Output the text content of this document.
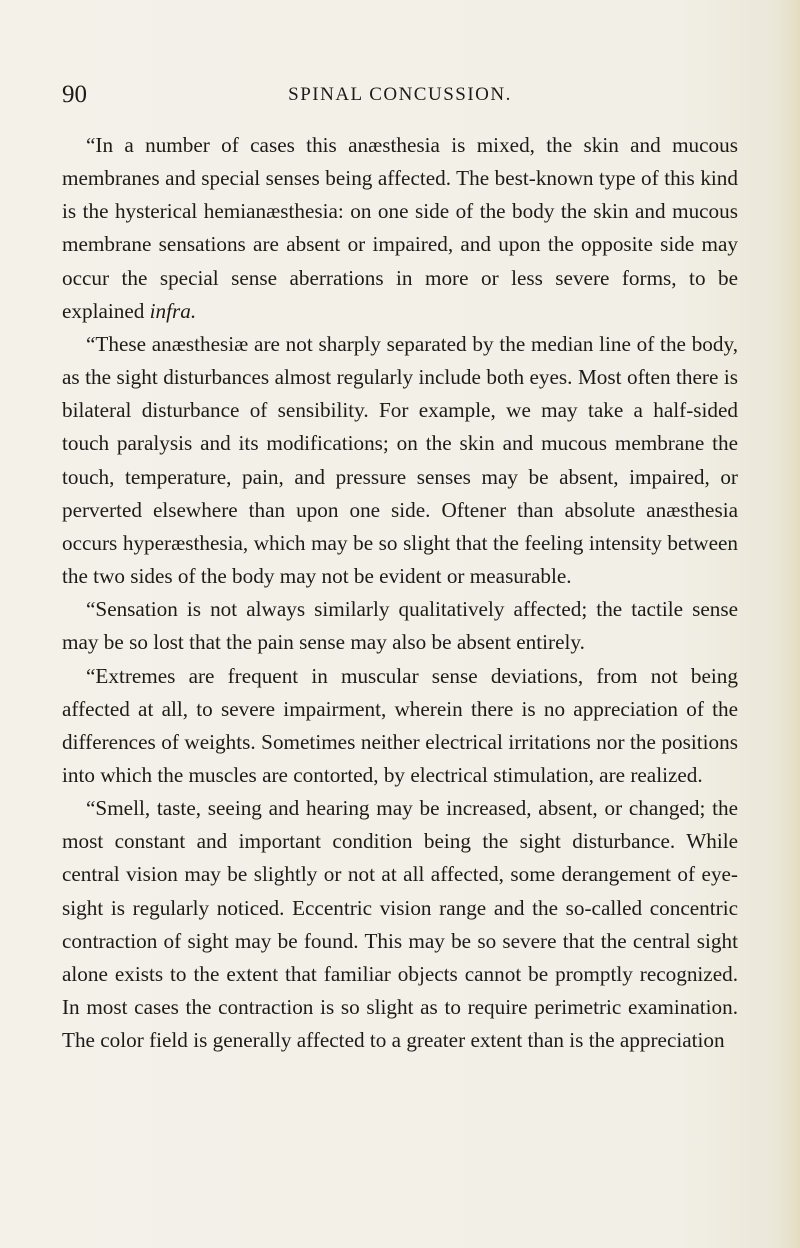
90	SPINAL CONCUSSION.

“In a number of cases this anæsthesia is mixed, the skin and mucous membranes and special senses being affected. The best-known type of this kind is the hysterical hemianæsthesia: on one side of the body the skin and mucous membrane sensations are absent or impaired, and upon the opposite side may occur the special sense aberrations in more or less severe forms, to be explained infra.

“These anæsthesiæ are not sharply separated by the median line of the body, as the sight disturbances almost regularly include both eyes. Most often there is bilateral disturbance of sensibility. For example, we may take a half-sided touch paralysis and its modifications; on the skin and mucous membrane the touch, temperature, pain, and pressure senses may be absent, impaired, or perverted elsewhere than upon one side. Oftener than absolute anæsthesia occurs hyperæsthesia, which may be so slight that the feeling intensity between the two sides of the body may not be evident or measurable.

“Sensation is not always similarly qualitatively affected; the tactile sense may be so lost that the pain sense may also be absent entirely.

“Extremes are frequent in muscular sense deviations, from not being affected at all, to severe impairment, wherein there is no appreciation of the differences of weights. Sometimes neither electrical irritations nor the positions into which the muscles are contorted, by electrical stimulation, are realized.

“Smell, taste, seeing and hearing may be increased, absent, or changed; the most constant and important condition being the sight disturbance. While central vision may be slightly or not at all affected, some derangement of eye-sight is regularly noticed. Eccentric vision range and the so-called concentric contraction of sight may be found. This may be so severe that the central sight alone exists to the extent that familiar objects cannot be promptly recognized. In most cases the contraction is so slight as to require perimetric examination. The color field is generally affected to a greater extent than is the appreciation
